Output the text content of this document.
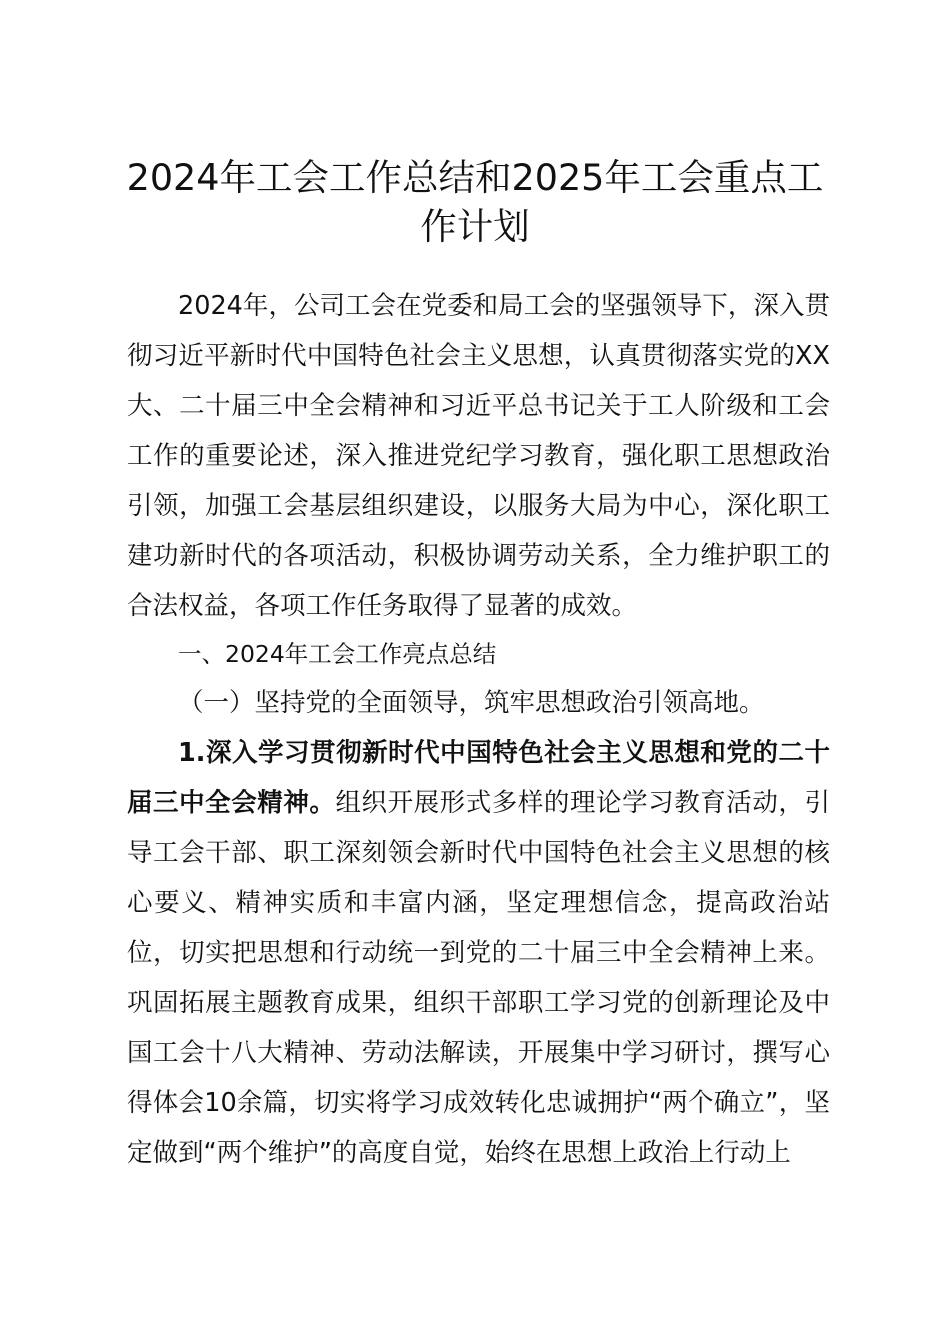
2024年工会工作总结和2025年工会重点工作计划

2024年，公司工会在党委和局工会的坚强领导下，深入贯彻习近平新时代中国特色社会主义思想，认真贯彻落实党的XX大、二十届三中全会精神和习近平总书记关于工人阶级和工会工作的重要论述，深入推进党纪学习教育，强化职工思想政治引领，加强工会基层组织建设，以服务大局为中心，深化职工建功新时代的各项活动，积极协调劳动关系，全力维护职工的合法权益，各项工作任务取得了显著的成效。

一、2024年工会工作亮点总结

（一）坚持党的全面领导，筑牢思想政治引领高地。

1.深入学习贯彻新时代中国特色社会主义思想和党的二十届三中全会精神。组织开展形式多样的理论学习教育活动，引导工会干部、职工深刻领会新时代中国特色社会主义思想的核心要义、精神实质和丰富内涵，坚定理想信念，提高政治站位，切实把思想和行动统一到党的二十届三中全会精神上来。巩固拓展主题教育成果，组织干部职工学习党的创新理论及中国工会十八大精神、劳动法解读，开展集中学习研讨，撰写心得体会10余篇，切实将学习成效转化忠诚拥护“两个确立”，坚定做到“两个维护”的高度自觉，始终在思想上政治上行动上
